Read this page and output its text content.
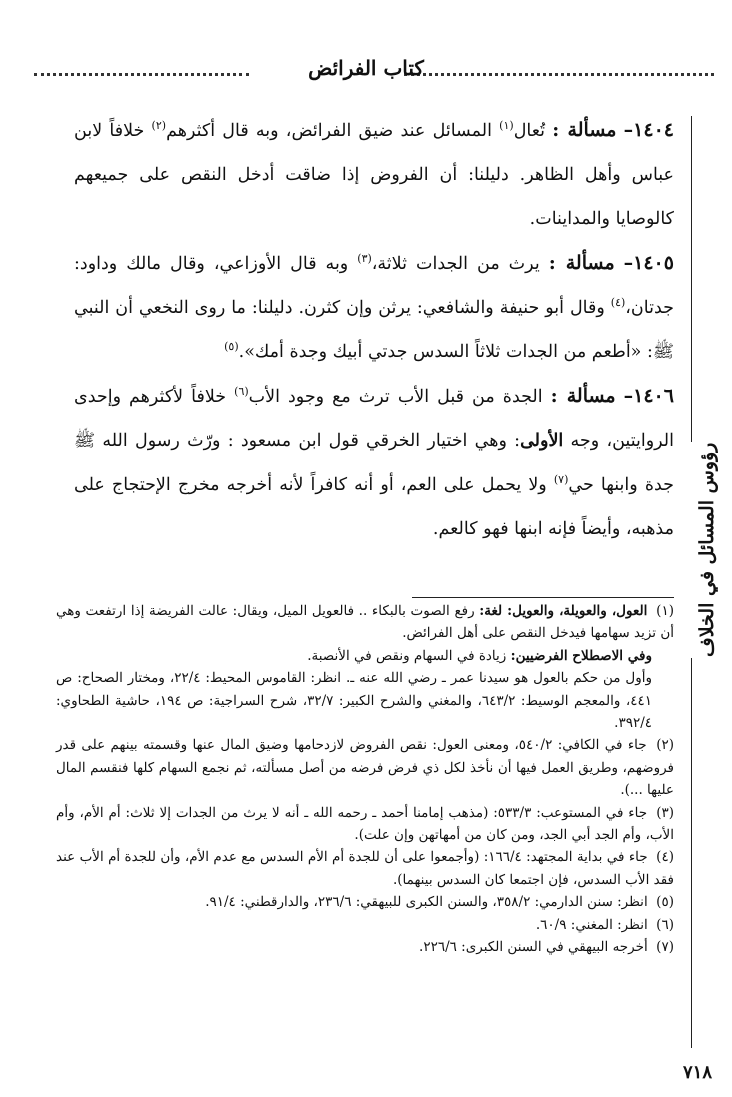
كتاب الفرائض
رؤوس المسائل في الخلاف

١٤٠٤– مسألة : تُعال$^{(١)}$ المسائل عند ضيق الفرائض، وبه قال أكثرهم$^{(٢)}$ خلافاً لابن عباس وأهل الظاهر. دليلنا: أن الفروض إذا ضاقت أدخل النقص على جميعهم كالوصايا والمداينات.

١٤٠٥– مسألة : يرث من الجدات ثلاثة،$^{(٣)}$ وبه قال الأوزاعي، وقال مالك وداود: جدتان،$^{(٤)}$ وقال أبو حنيفة والشافعي: يرثن وإن كثرن. دليلنا: ما روى النخعي أن النبي ﷺ: «أطعم من الجدات ثلاثاً السدس جدتي أبيك وجدة أمك».$^{(٥)}$

١٤٠٦– مسألة : الجدة من قبل الأب ترث مع وجود الأب$^{(٦)}$ خلافاً لأكثرهم وإحدى الروايتين، وجه الأولى: وهي اختيار الخرقي قول ابن مسعود : ورّث رسول الله ﷺ جدة وابنها حي$^{(٧)}$ ولا يحمل على العم، أو أنه كافراً لأنه أخرجه مخرج الإحتجاج على مذهبه، وأيضاً فإنه ابنها فهو كالعم.

(١) العول، والعويلة، والعويل: لغة: رفع الصوت بالبكاء .. فالعويل الميل، ويقال: عالت الفريضة إذا ارتفعت وهي أن تزيد سهامها فيدخل النقص على أهل الفرائض.

وفي الاصطلاح الفرضيين: زيادة في السهام ونقص في الأنصبة.

وأول من حكم بالعول هو سيدنا عمر ـ رضي الله عنه ـ. انظر: القاموس المحيط: ٢٢/٤، ومختار الصحاح: ص ٤٤١، والمعجم الوسيط: ٦٤٣/٢، والمغني والشرح الكبير: ٣٢/٧، شرح السراجية: ص ١٩٤، حاشية الطحاوي: ٣٩٢/٤.

(٢) جاء في الكافي: ٥٤٠/٢، ومعنى العول: نقص الفروض لازدحامها وضيق المال عنها وقسمته بينهم على قدر فروضهم، وطريق العمل فيها أن نأخذ لكل ذي فرض فرضه من أصل مسألته، ثم نجمع السهام كلها فنقسم المال عليها ...).

(٣) جاء في المستوعب: ٥٣٣/٣: (مذهب إمامنا أحمد ـ رحمه الله ـ أنه لا يرث من الجدات إلا ثلاث: أم الأم، وأم الأب، وأم الجد أبي الجد، ومن كان من أمهاتهن وإن علت).

(٤) جاء في بداية المجتهد: ١٦٦/٤: (وأجمعوا على أن للجدة أم الأم السدس مع عدم الأم، وأن للجدة أم الأب عند فقد الأب السدس، فإن اجتمعا كان السدس بينهما).

(٥) انظر: سنن الدارمي: ٣٥٨/٢، والسنن الكبرى للبيهقي: ٢٣٦/٦، والدارقطني: ٩١/٤.

(٦) انظر: المغني: ٦٠/٩.

(٧) أخرجه البيهقي في السنن الكبرى: ٢٢٦/٦.

٧١٨
